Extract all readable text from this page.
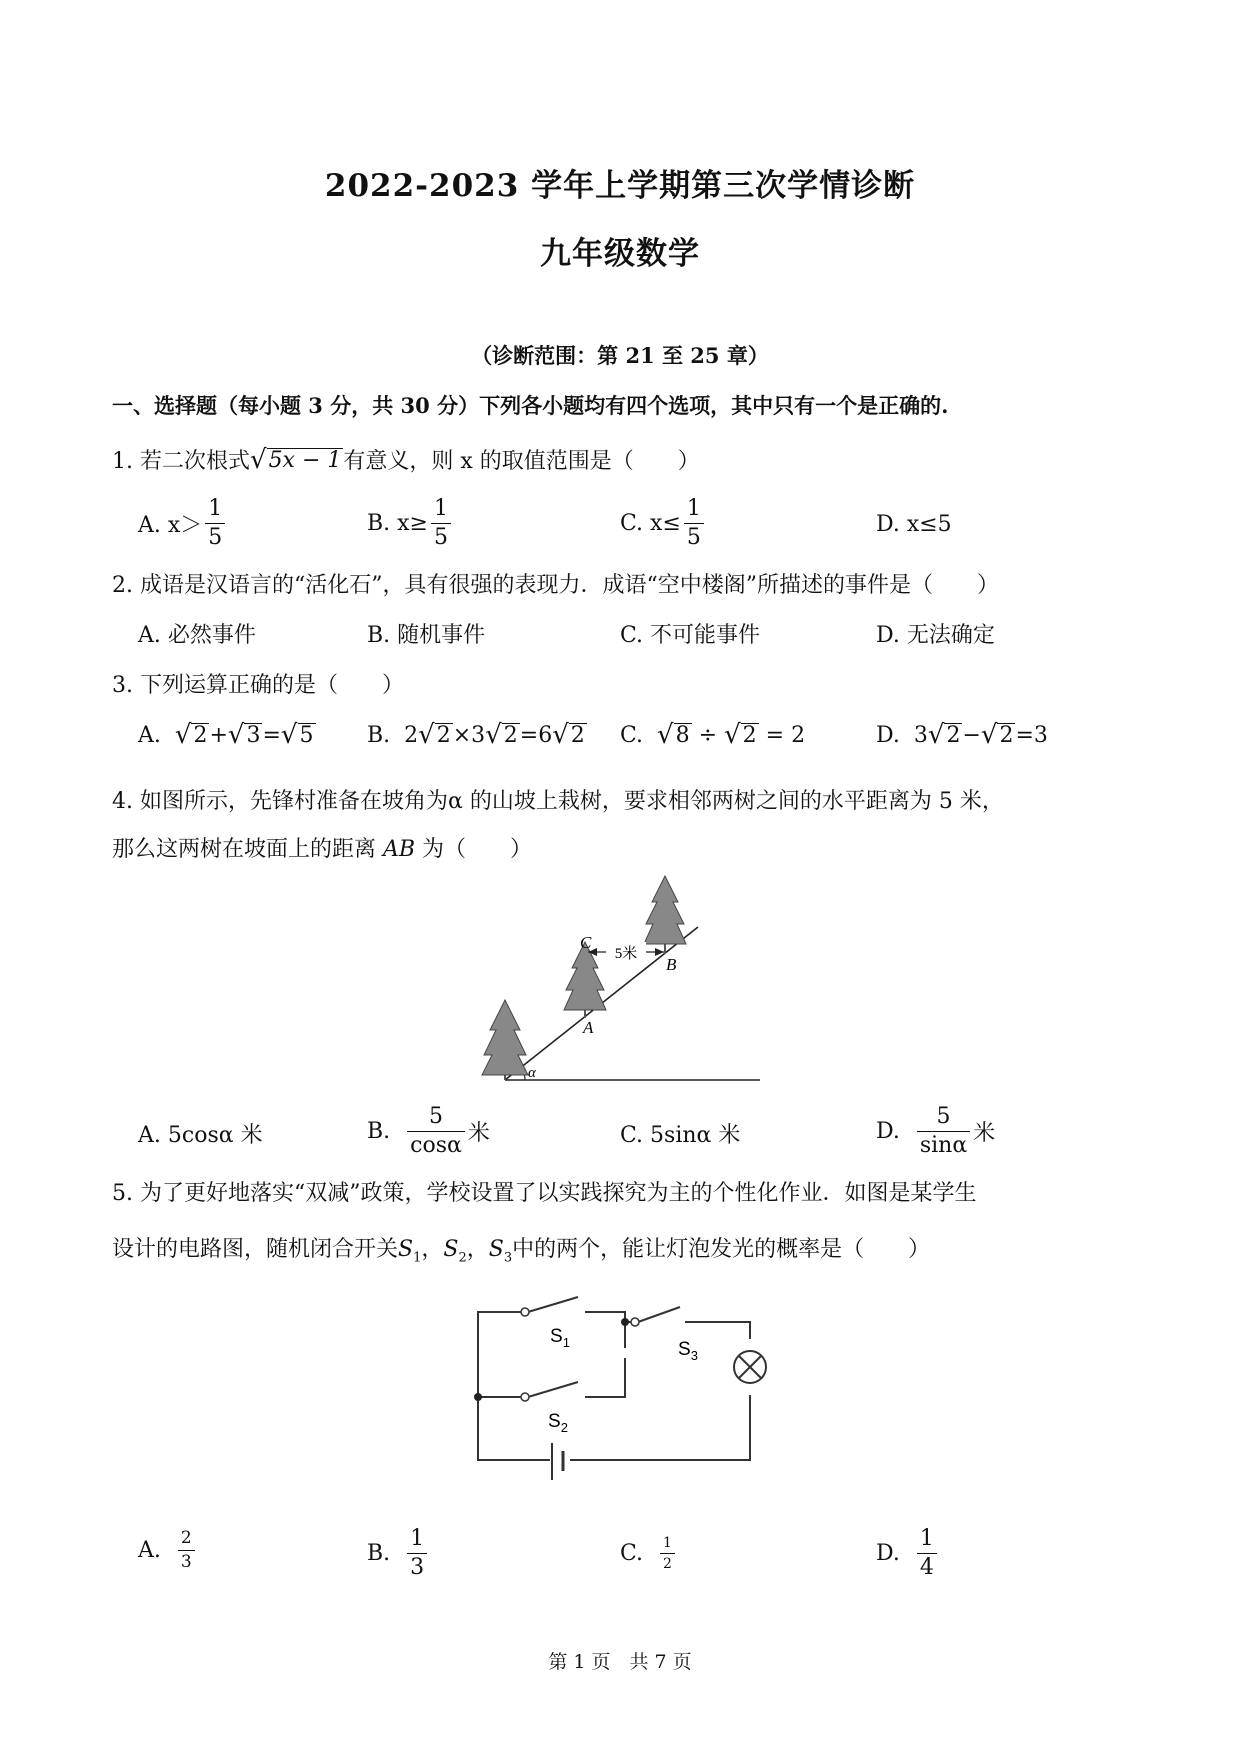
2022-2023 学年上学期第三次学情诊断
九年级数学
（诊断范围：第 21 至 25 章）
一、选择题（每小题 3 分，共 30 分）下列各小题均有四个选项，其中只有一个是正确的.
1. 若二次根式 √ 5x − 1 有意义，则 x 的取值范围是（　　）
A. $x> \frac{1}{5}$	B. $x\ge \frac{1}{5}$	C. $x\le \frac{1}{5}$	D. x≤5
2. 成语是汉语言的“活化石”，具有很强的表现力．成语“空中楼阁”所描述的事件是（　　）
A. 必然事件	B. 随机事件	C. 不可能事件	D. 无法确定
3. 下列运算正确的是（　　）
A.
√ 2 + √ 3 = √ 5 B.
2 √ 2 ×3 √ 2 =6 √ 2 C.
√ 8
÷
√ 2
=
2	D.
3 √ 2 − √ 2 =3
4. 如图所示，先锋村准备在坡角为α 的山坡上栽树，要求相邻两树之间的水平距离为 5 米，
那么这两树在坡面上的距离 AB 为（　　）
5米
C
B
A
α
A. 5cosα 米	B.
$\frac{5}{\cos\alpha}$ 米	C. 5sinα 米	D.
$\frac{5}{\sin\alpha}$ 米
5. 为了更好地落实“双减”政策，学校设置了以实践探究为主的个性化作业．如图是某学生
设计的电路图，随机闭合开关$S_1$，$S_2$，$S_3$中的两个，能让灯泡发光的概率是（　　）
$S_1$
$S_2$
$S_3$
A.
$\frac{2}{3}$	B.
$\frac{1}{3}$	C.
$\frac{1}{2}$	D.
$\frac{1}{4}$
第 1 页　共 7 页
